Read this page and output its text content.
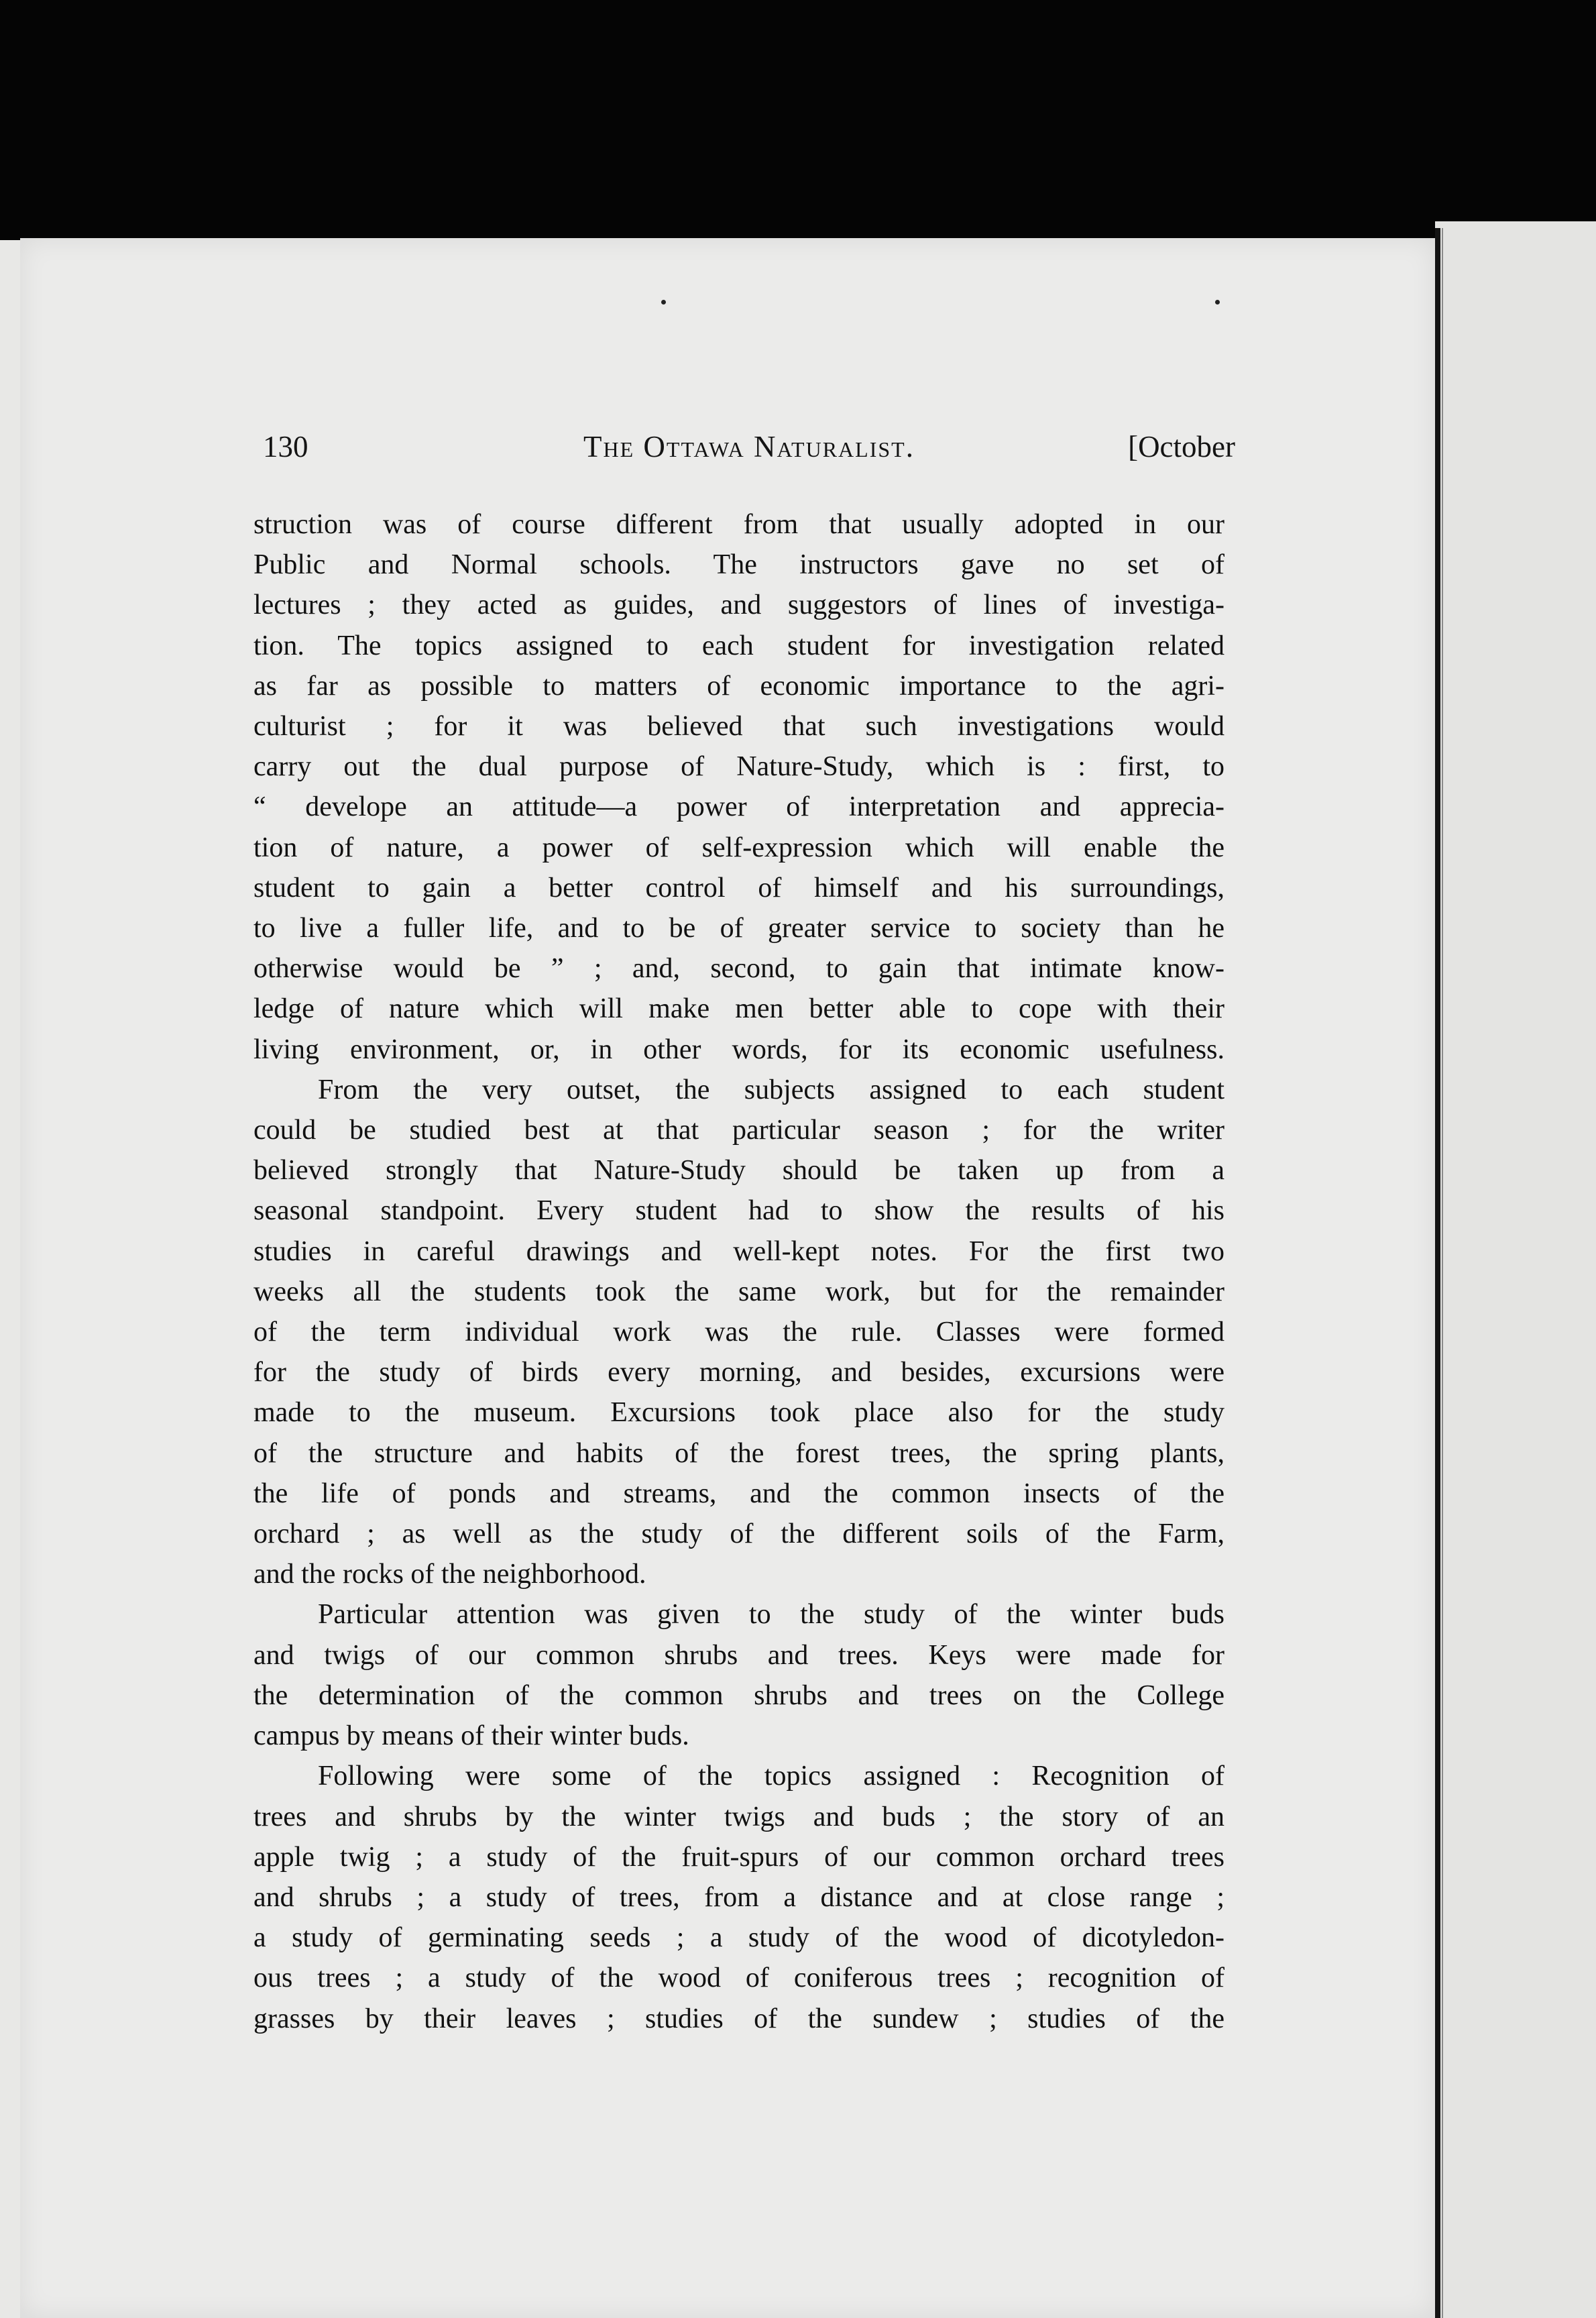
130	The Ottawa Naturalist.	[October
struction was of course different from that usually adopted in our
Public and Normal schools. The instructors gave no set of
lectures ; they acted as guides, and suggestors of lines of investiga-
tion. The topics assigned to each student for investigation related
as far as possible to matters of economic importance to the agri-
culturist ; for it was believed that such investigations would
carry out the dual purpose of Nature-Study, which is : first, to
“ develope an attitude—a power of interpretation and apprecia-
tion of nature, a power of self-expression which will enable the
student to gain a better control of himself and his surroundings,
to live a fuller life, and to be of greater service to society than he
otherwise would be ” ; and, second, to gain that intimate know-
ledge of nature which will make men better able to cope with their
living environment, or, in other words, for its economic usefulness.
From the very outset, the subjects assigned to each student
could be studied best at that particular season ; for the writer
believed strongly that Nature-Study should be taken up from a
seasonal standpoint. Every student had to show the results of his
studies in careful drawings and well-kept notes. For the first two
weeks all the students took the same work, but for the remainder
of the term individual work was the rule. Classes were formed
for the study of birds every morning, and besides, excursions were
made to the museum. Excursions took place also for the study
of the structure and habits of the forest trees, the spring plants,
the life of ponds and streams, and the common insects of the
orchard ; as well as the study of the different soils of the Farm,
and the rocks of the neighborhood.
Particular attention was given to the study of the winter buds
and twigs of our common shrubs and trees. Keys were made for
the determination of the common shrubs and trees on the College
campus by means of their winter buds.
Following were some of the topics assigned : Recognition of
trees and shrubs by the winter twigs and buds ; the story of an
apple twig ; a study of the fruit-spurs of our common orchard trees
and shrubs ; a study of trees, from a distance and at close range ;
a study of germinating seeds ; a study of the wood of dicotyledon-
ous trees ; a study of the wood of coniferous trees ; recognition of
grasses by their leaves ; studies of the sundew ; studies of the
